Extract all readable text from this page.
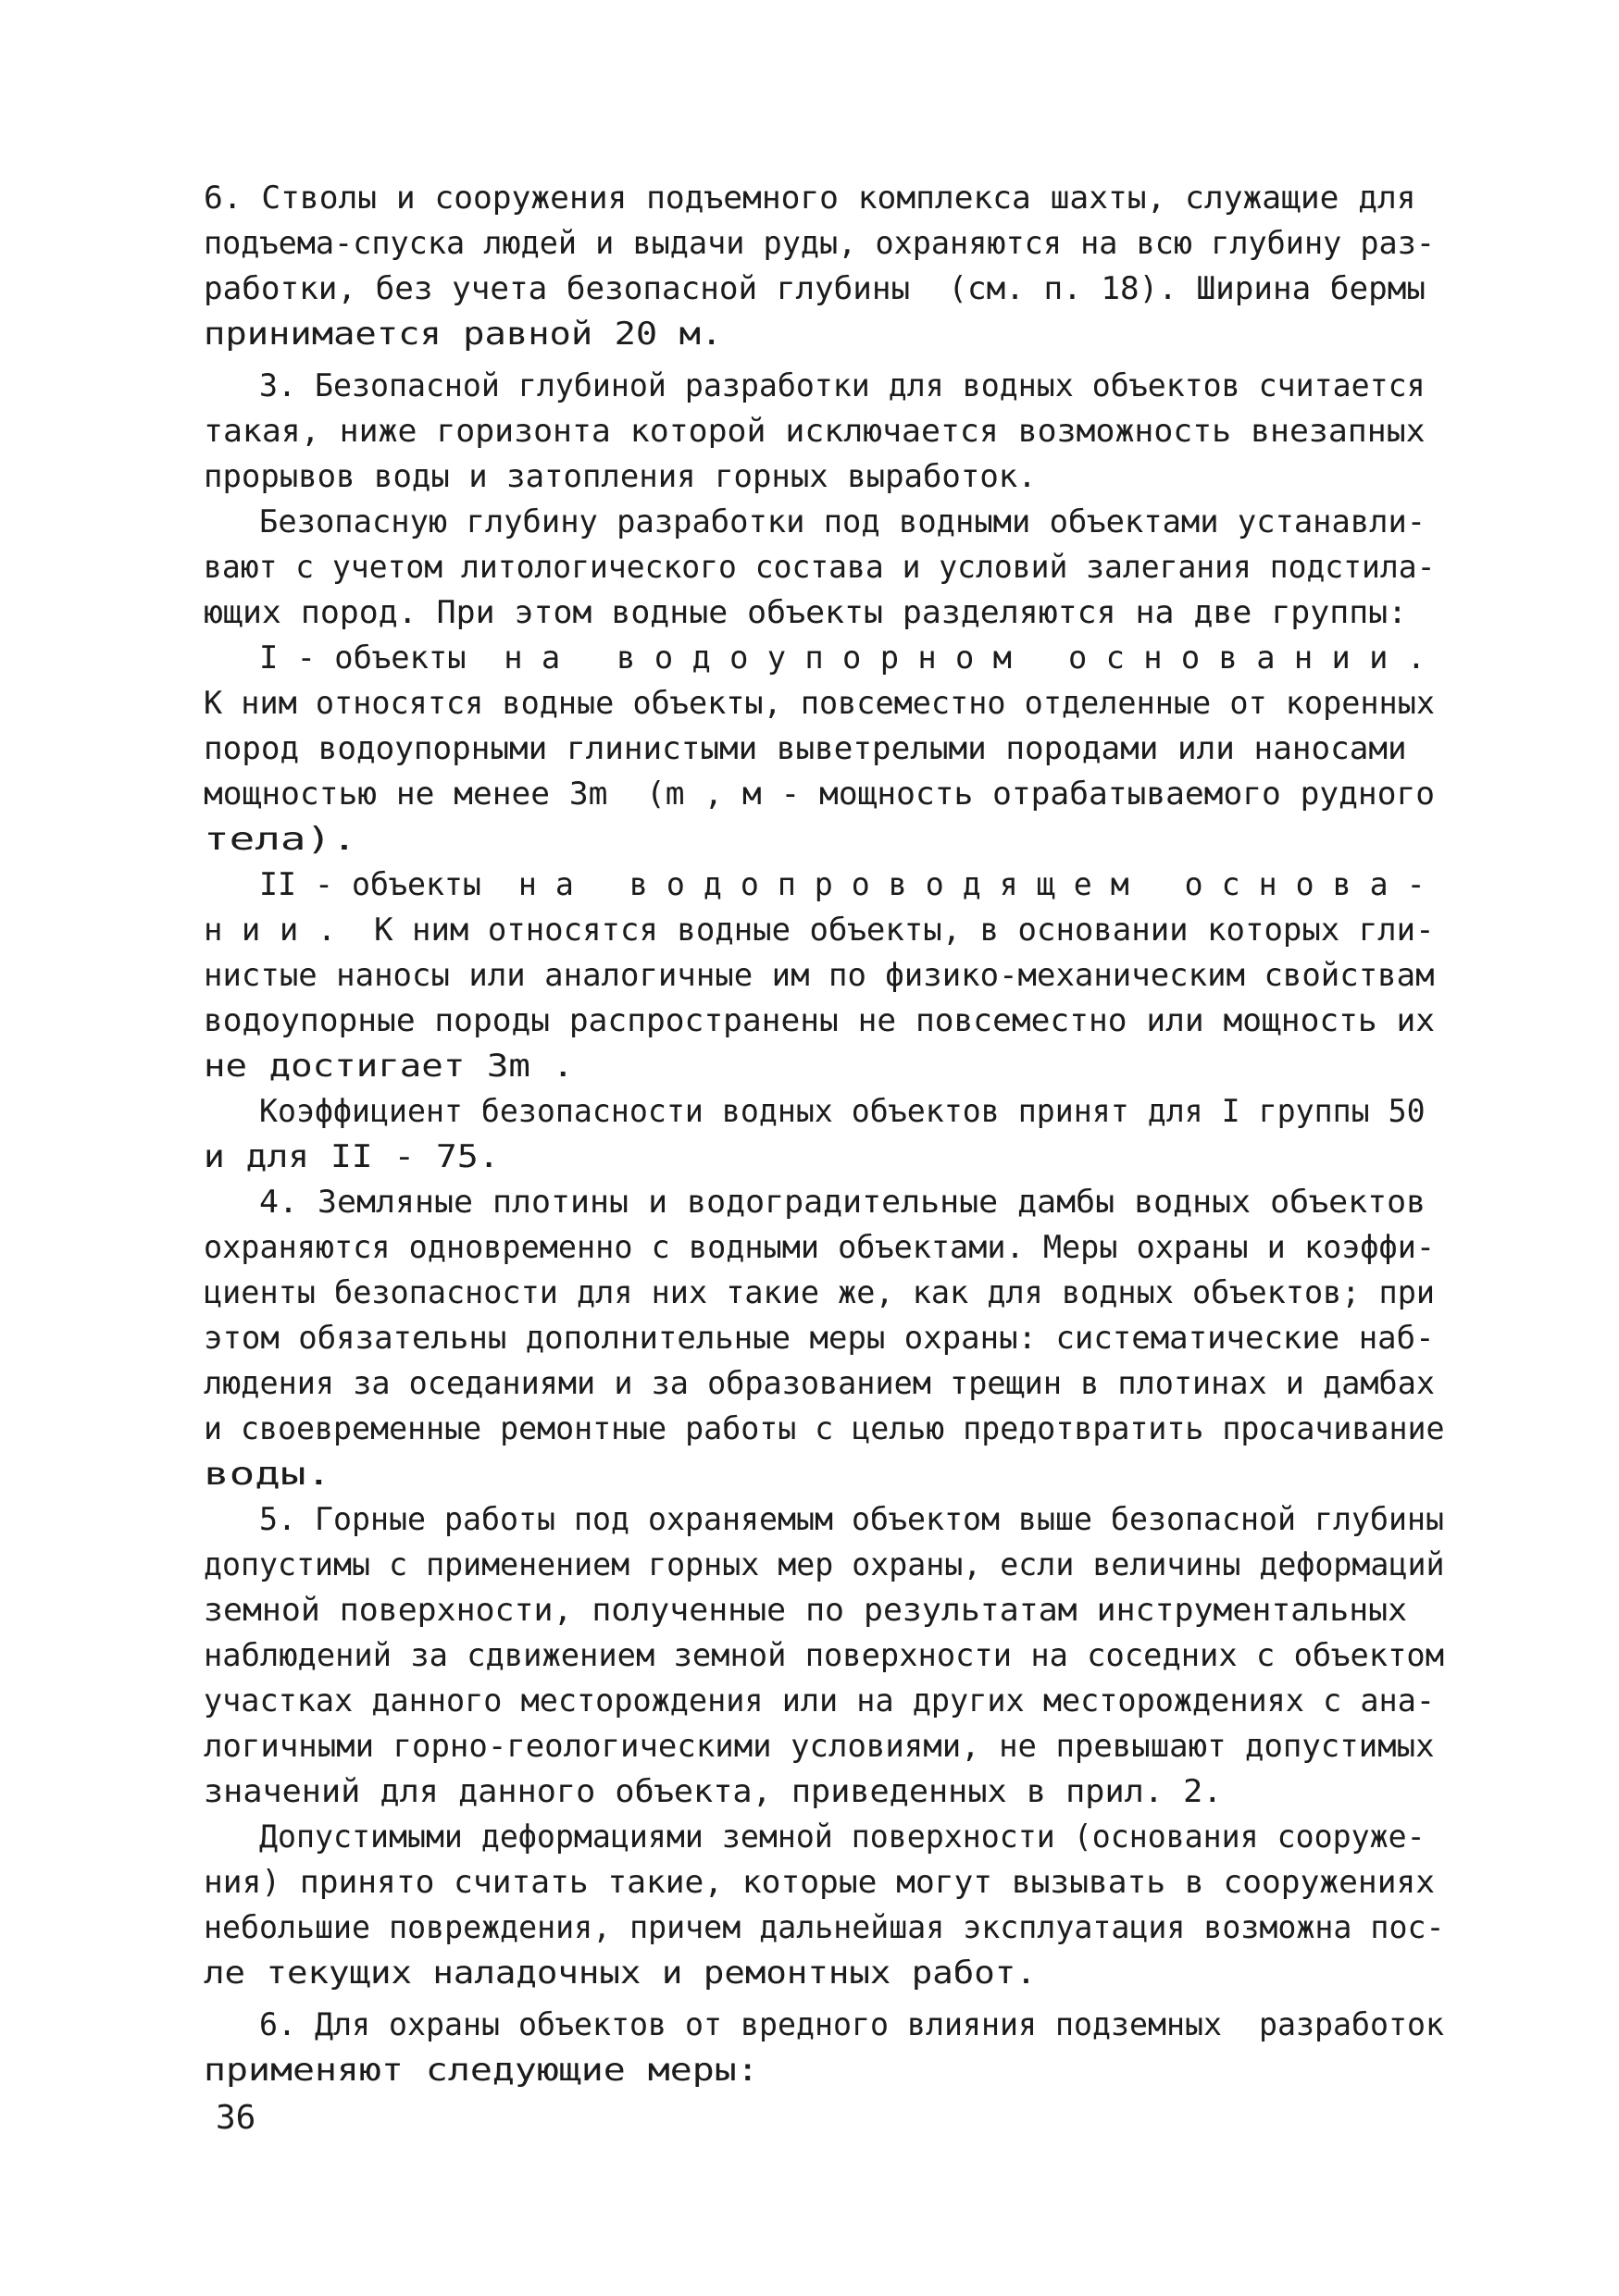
6. Стволы и сооружения подъемного комплекса шахты, служащие для
подъема-спуска людей и выдачи руды, охраняются на всю глубину раз-
работки, без учета безопасной глубины  (см. п. 18). Ширина бермы
принимается равной 20 м.
3. Безопасной глубиной разработки для водных объектов считается
такая, ниже горизонта которой исключается возможность внезапных
прорывов воды и затопления горных выработок.
Безопасную глубину разработки под водными объектами устанавли-
вают с учетом литологического состава и условий залегания подстила-
ющих пород. При этом водные объекты разделяются на две группы:
I - объекты  н а   в о д о у п о р н о м   о с н о в а н и и .
К ним относятся водные объекты, повсеместно отделенные от коренных
пород водоупорными глинистыми выветрелыми породами или наносами
мощностью не менее 3m  (m , м - мощность отрабатываемого рудного
тела).
II - объекты  н а   в о д о п р о в о д я щ е м   о с н о в а -
н и и .  К ним относятся водные объекты, в основании которых гли-
нистые наносы или аналогичные им по физико-механическим свойствам
водоупорные породы распространены не повсеместно или мощность их
не достигает 3m .
Коэффициент безопасности водных объектов принят для I группы 50
и для II - 75.
4. Земляные плотины и водоградительные дамбы водных объектов
охраняются одновременно с водными объектами. Меры охраны и коэффи-
циенты безопасности для них такие же, как для водных объектов; при
этом обязательны дополнительные меры охраны: систематические наб-
людения за оседаниями и за образованием трещин в плотинах и дамбах
и своевременные ремонтные работы с целью предотвратить просачивание
воды.
5. Горные работы под охраняемым объектом выше безопасной глубины
допустимы с применением горных мер охраны, если величины деформаций
земной поверхности, полученные по результатам инструментальных
наблюдений за сдвижением земной поверхности на соседних с объектом
участках данного месторождения или на других месторождениях с ана-
логичными горно-геологическими условиями, не превышают допустимых
значений для данного объекта, приведенных в прил. 2.
Допустимыми деформациями земной поверхности (основания сооруже-
ния) принято считать такие, которые могут вызывать в сооружениях
небольшие повреждения, причем дальнейшая эксплуатация возможна пос-
ле текущих наладочных и ремонтных работ.
6. Для охраны объектов от вредного влияния подземных  разработок
применяют следующие меры:
36
